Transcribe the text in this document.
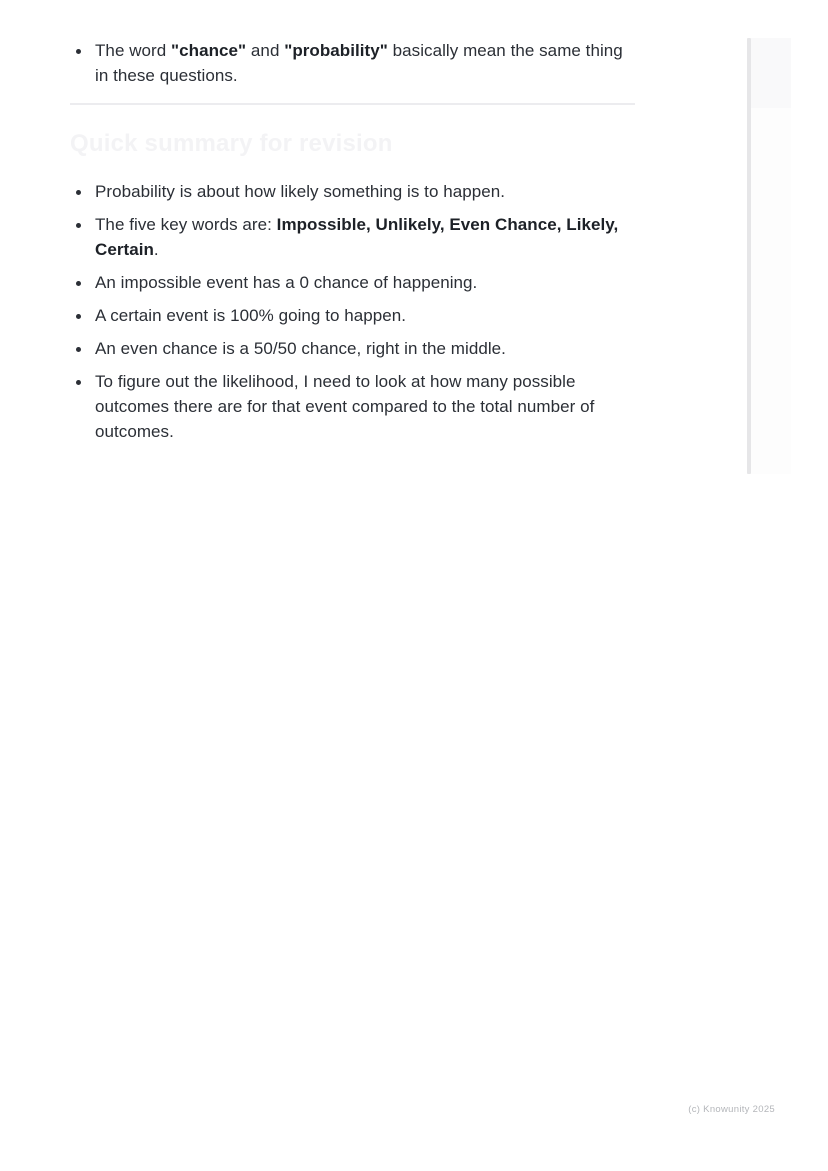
The word "chance" and "probability" basically mean the same thing in these questions.
Quick summary for revision
Probability is about how likely something is to happen.
The five key words are: Impossible, Unlikely, Even Chance, Likely, Certain.
An impossible event has a 0 chance of happening.
A certain event is 100% going to happen.
An even chance is a 50/50 chance, right in the middle.
To figure out the likelihood, I need to look at how many possible outcomes there are for that event compared to the total number of outcomes.
(c) Knowunity 2025
